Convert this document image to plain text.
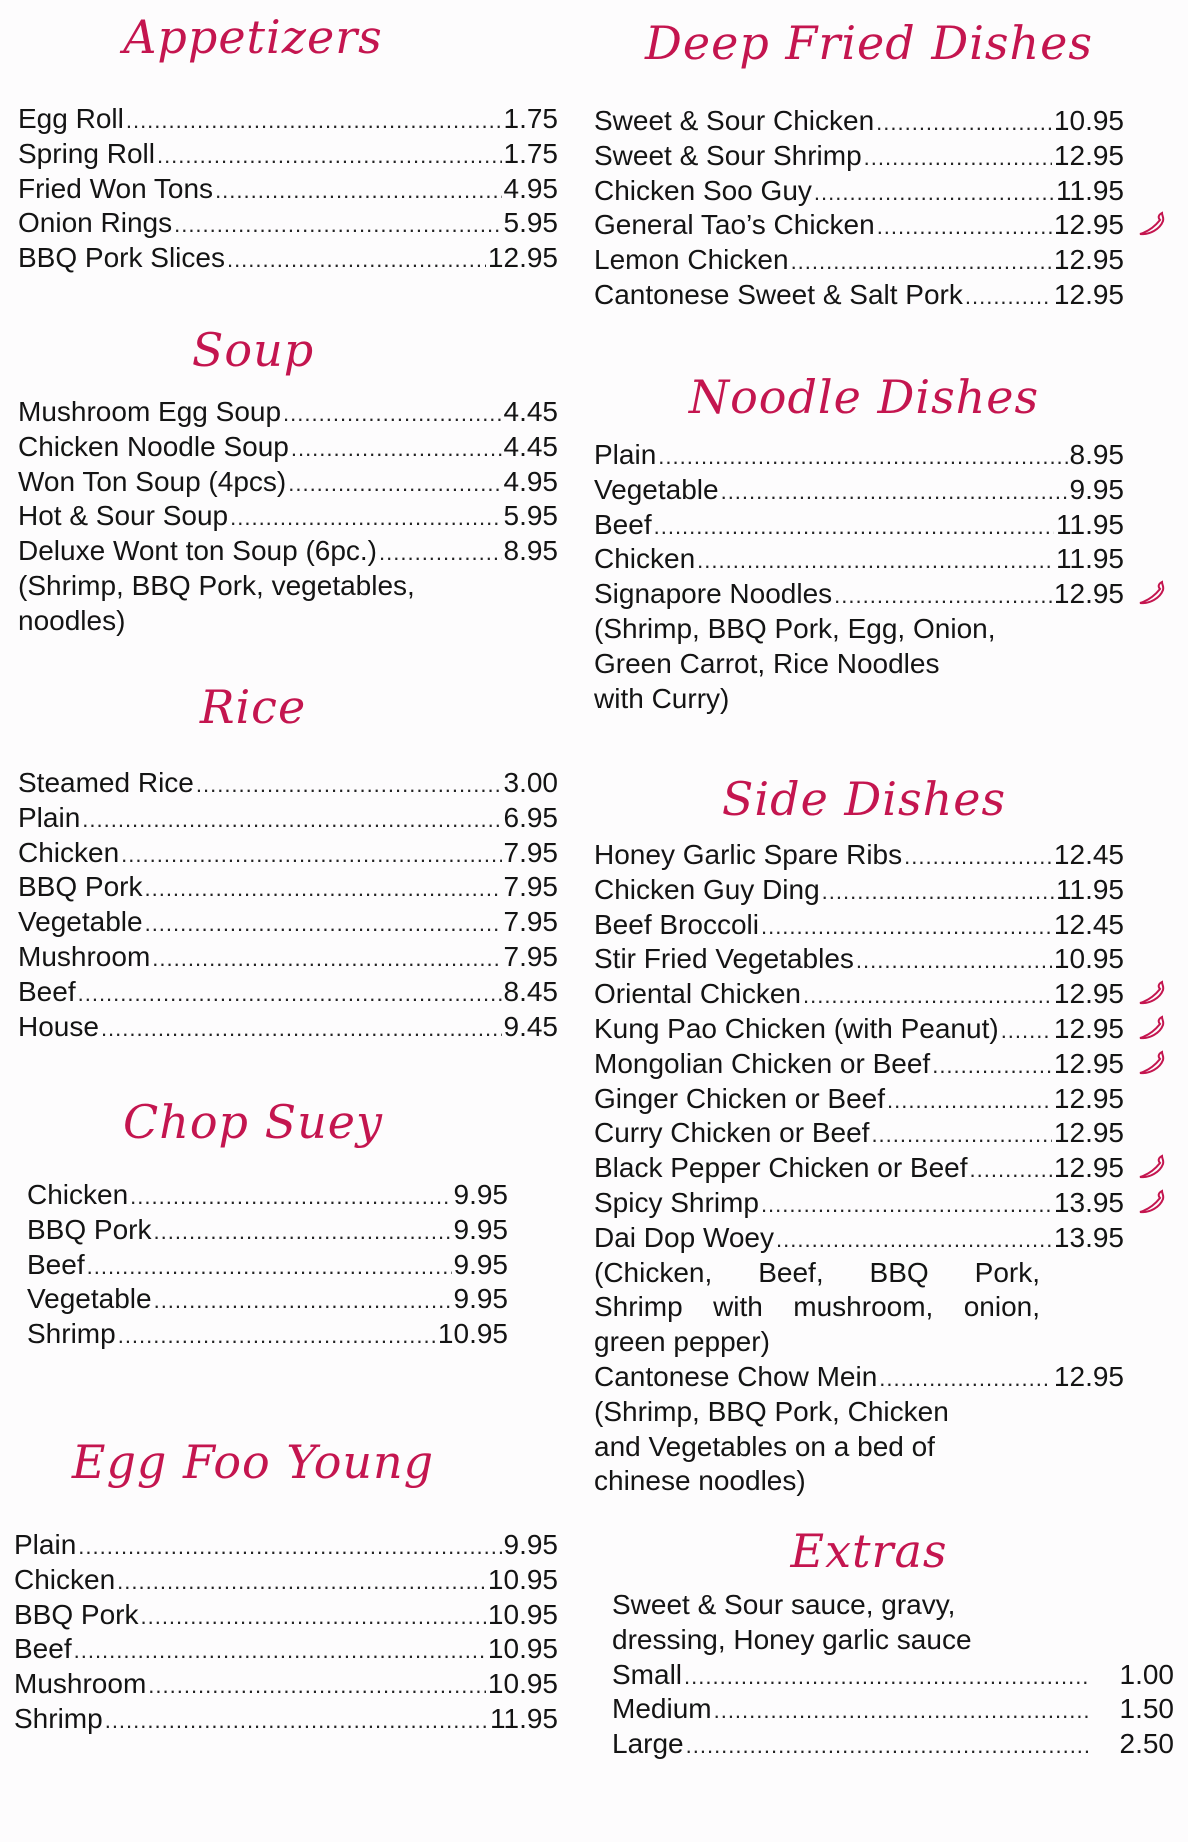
Appetizers
Egg Roll .....	1.75
Spring Roll .....	1.75
Fried Won Tons .....	4.95
Onion Rings .....	5.95
BBQ Pork Slices .....	12.95
Soup
Mushroom Egg Soup .....	4.45
Chicken Noodle Soup .....	4.45
Won Ton Soup (4pcs) .....	4.95
Hot & Sour Soup .....	5.95
Deluxe Wont ton Soup (6pc.) .....	8.95
(Shrimp, BBQ Pork, vegetables,
noodles)
Rice
Steamed Rice .....	3.00
Plain .....	6.95
Chicken .....	7.95
BBQ Pork .....	7.95
Vegetable .....	7.95
Mushroom .....	7.95
Beef .....	8.45
House .....	9.45
Chop Suey
Chicken .....	9.95
BBQ Pork .....	9.95
Beef .....	9.95
Vegetable .....	9.95
Shrimp .....	10.95
Egg Foo Young
Plain .....	9.95
Chicken .....	10.95
BBQ Pork .....	10.95
Beef .....	10.95
Mushroom .....	10.95
Shrimp .....	11.95
Deep Fried Dishes
Sweet & Sour Chicken .....	10.95
Sweet & Sour Shrimp .....	12.95
Chicken Soo Guy .....	11.95
General Tao’s Chicken .....	12.95
Lemon Chicken .....	12.95
Cantonese Sweet & Salt Pork .....	12.95
Noodle Dishes
Plain .....	8.95
Vegetable .....	9.95
Beef .....	11.95
Chicken .....	11.95
Signapore Noodles .....	12.95
(Shrimp, BBQ Pork, Egg, Onion,
Green Carrot, Rice Noodles
with Curry)
Side Dishes
Honey Garlic Spare Ribs .....	12.45
Chicken Guy Ding .....	11.95
Beef Broccoli .....	12.45
Stir Fried Vegetables .....	10.95
Oriental Chicken .....	12.95
Kung Pao Chicken (with Peanut) ..... 12.95
Mongolian Chicken or Beef .....	12.95
Ginger Chicken or Beef .....	12.95
Curry Chicken or Beef .....	12.95
Black Pepper Chicken or Beef .....	12.95
Spicy Shrimp .....	13.95
Dai Dop Woey .....	13.95
(Chicken, Beef, BBQ Pork,
Shrimp with mushroom, onion,
green pepper)
Cantonese Chow Mein .....	12.95
(Shrimp, BBQ Pork, Chicken
and Vegetables on a bed of
chinese noodles)
Extras
Sweet & Sour sauce, gravy,
dressing, Honey garlic sauce
Small .....	1.00
Medium .....	1.50
Large .....	2.50
